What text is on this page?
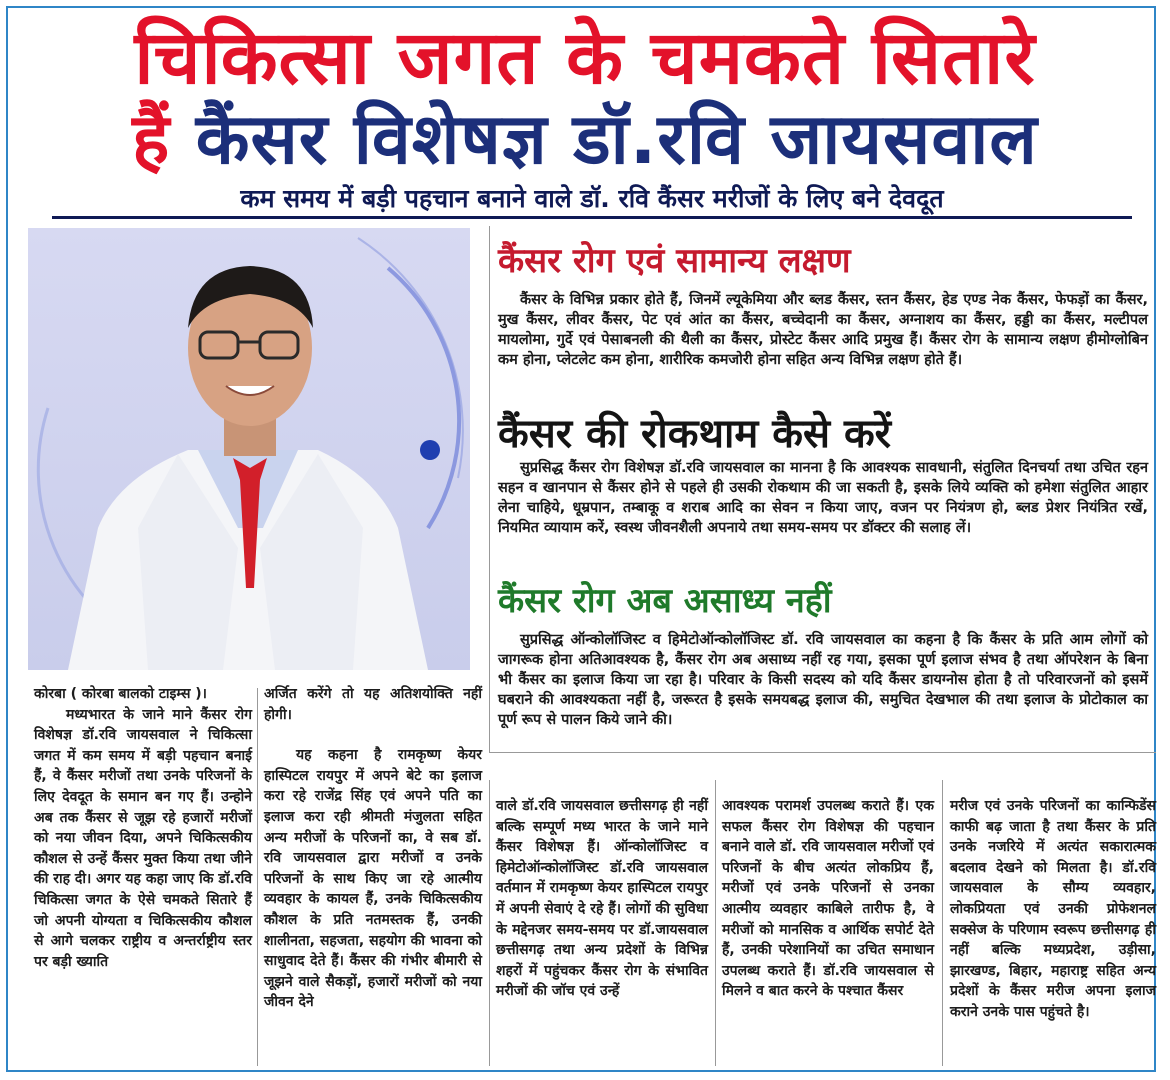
चिकित्सा जगत के चमकते सितारे
हैं कैंसर विशेषज्ञ डॉ.रवि जायसवाल
कम समय में बड़ी पहचान बनाने वाले डॉ. रवि कैंसर मरीजों के लिए बने देवदूत
कैंसर रोग एवं सामान्य लक्षण
कैंसर के विभिन्न प्रकार होते हैं, जिनमें ल्यूकेमिया और ब्लड कैंसर, स्तन कैंसर, हेड एण्ड नेक कैंसर, फेफड़ों का कैंसर, मुख कैंसर, लीवर कैंसर, पेट एवं आंत का कैंसर, बच्चेदानी का कैंसर, अग्नाशय का कैंसर, हड्डी का कैंसर, मल्टीपल मायलोमा, गुर्दे एवं पेसाबनली की थैली का कैंसर, प्रोस्टेट कैंसर आदि प्रमुख हैं। कैंसर रोग के सामान्य लक्षण हीमोग्लोबिन कम होना, प्लेटलेट कम होना, शारीरिक कमजोरी होना सहित अन्य विभिन्न लक्षण होते हैं।
कैंसर की रोकथाम कैसे करें
सुप्रसिद्ध कैंसर रोग विशेषज्ञ डॉ.रवि जायसवाल का मानना है कि आवश्यक सावधानी, संतुलित दिनचर्या तथा उचित रहन सहन व खानपान से कैंसर होने से पहले ही उसकी रोकथाम की जा सकती है, इसके लिये व्यक्ति को हमेशा संतुलित आहार लेना चाहिये, धूम्रपान, तम्बाकू व शराब आदि का सेवन न किया जाए, वजन पर नियंत्रण हो, ब्लड प्रेशर नियंत्रित रखें, नियमित व्यायाम करें, स्वस्थ जीवनशैली अपनाये तथा समय-समय पर डॉक्टर की सलाह लें।
कैंसर रोग अब असाध्य नहीं
सुप्रसिद्ध ऑन्कोलॉजिस्ट व हिमेटोऑन्कोलॉजिस्ट डॉ. रवि जायसवाल का कहना है कि कैंसर के प्रति आम लोगों को जागरूक होना अतिआवश्यक है, कैंसर रोग अब असाध्य नहीं रह गया, इसका पूर्ण इलाज संभव है तथा ऑपरेशन के बिना भी कैंसर का इलाज किया जा रहा है। परिवार के किसी सदस्य को यदि कैंसर डायग्नोस होता है तो परिवारजनों को इसमें घबराने की आवश्यकता नहीं है, जरूरत है इसके समयबद्ध इलाज की, समुचित देखभाल की तथा इलाज के प्रोटोकाल का पूर्ण रूप से पालन किये जाने की।

कोरबा ( कोरबा बालको टाइम्स )।

मध्यभारत के जाने माने कैंसर रोग विशेषज्ञ डॉ.रवि जायसवाल ने चिकित्सा जगत में कम समय में बड़ी पहचान बनाई हैं, वे कैंसर मरीजों तथा उनके परिजनों के लिए देवदूत के समान बन गए हैं। उन्होने अब तक कैंसर से जूझ रहे हजारों मरीजों को नया जीवन दिया, अपने चिकित्सकीय कौशल से उन्हें कैंसर मुक्त किया तथा जीने की राह दी। अगर यह कहा जाए कि डॉ.रवि चिकित्सा जगत के ऐसे चमकते सितारे हैं जो अपनी योग्यता व चिकित्सकीय कौशल से आगे चलकर राष्ट्रीय व अन्तर्राष्ट्रीय स्तर पर बड़ी ख्याति

अर्जित करेंगे तो यह अतिशयोक्ति नहीं होगी।

यह कहना है रामकृष्ण केयर हास्पिटल रायपुर में अपने बेटे का इलाज करा रहे राजेंद्र सिंह एवं अपने पति का इलाज करा रही श्रीमती मंजुलता सहित अन्य मरीजों के परिजनों का, वे सब डॉ. रवि जायसवाल द्वारा मरीजों व उनके परिजनों के साथ किए जा रहे आत्मीय व्यवहार के कायल हैं, उनके चिकित्सकीय कौशल के प्रति नतमस्तक हैं, उनकी शालीनता, सहजता, सहयोग की भावना को साधुवाद देते हैं। कैंसर की गंभीर बीमारी से जूझने वाले सैकड़ों, हजारों मरीजों को नया जीवन देने

वाले डॉ.रवि जायसवाल छत्तीसगढ़ ही नहीं बल्कि सम्पूर्ण मध्य भारत के जाने माने कैंसर विशेषज्ञ हैं। ऑन्कोलॉजिस्ट व हिमेटोऑन्कोलॉजिस्ट डॉ.रवि जायसवाल वर्तमान में रामकृष्ण केयर हास्पिटल रायपुर में अपनी सेवाएं दे रहे हैं। लोगों की सुविधा के मद्देनजर समय-समय पर डॉ.जायसवाल छत्तीसगढ़ तथा अन्य प्रदेशों के विभिन्न शहरों में पहुंचकर कैंसर रोग के संभावित मरीजों की जॉच एवं उन्हें

आवश्यक परामर्श उपलब्ध कराते हैं। एक सफल कैंसर रोग विशेषज्ञ की पहचान बनाने वाले डॉ. रवि जायसवाल मरीजों एवं परिजनों के बीच अत्यंत लोकप्रिय हैं, मरीजों एवं उनके परिजनों से उनका आत्मीय व्यवहार काबिले तारीफ है, वे मरीजों को मानसिक व आर्थिक सपोर्ट देते हैं, उनकी परेशानियों का उचित समाधान उपलब्ध कराते हैं। डॉ.रवि जायसवाल से मिलने व बात करने के पश्चात कैंसर

मरीज एवं उनके परिजनों का कान्फिडेंस काफी बढ़ जाता है तथा कैंसर के प्रति उनके नजरिये में अत्यंत सकारात्मक बदलाव देखने को मिलता है। डॉ.रवि जायसवाल के सौम्य व्यवहार, लोकप्रियता एवं उनकी प्रोफेशनल सक्सेज के परिणाम स्वरूप छत्तीसगढ़ ही नहीं बल्कि मध्यप्रदेश, उड़ीसा, झारखण्ड, बिहार, महाराष्ट्र सहित अन्य प्रदेशों के कैंसर मरीज अपना इलाज कराने उनके पास पहुंचते है।
